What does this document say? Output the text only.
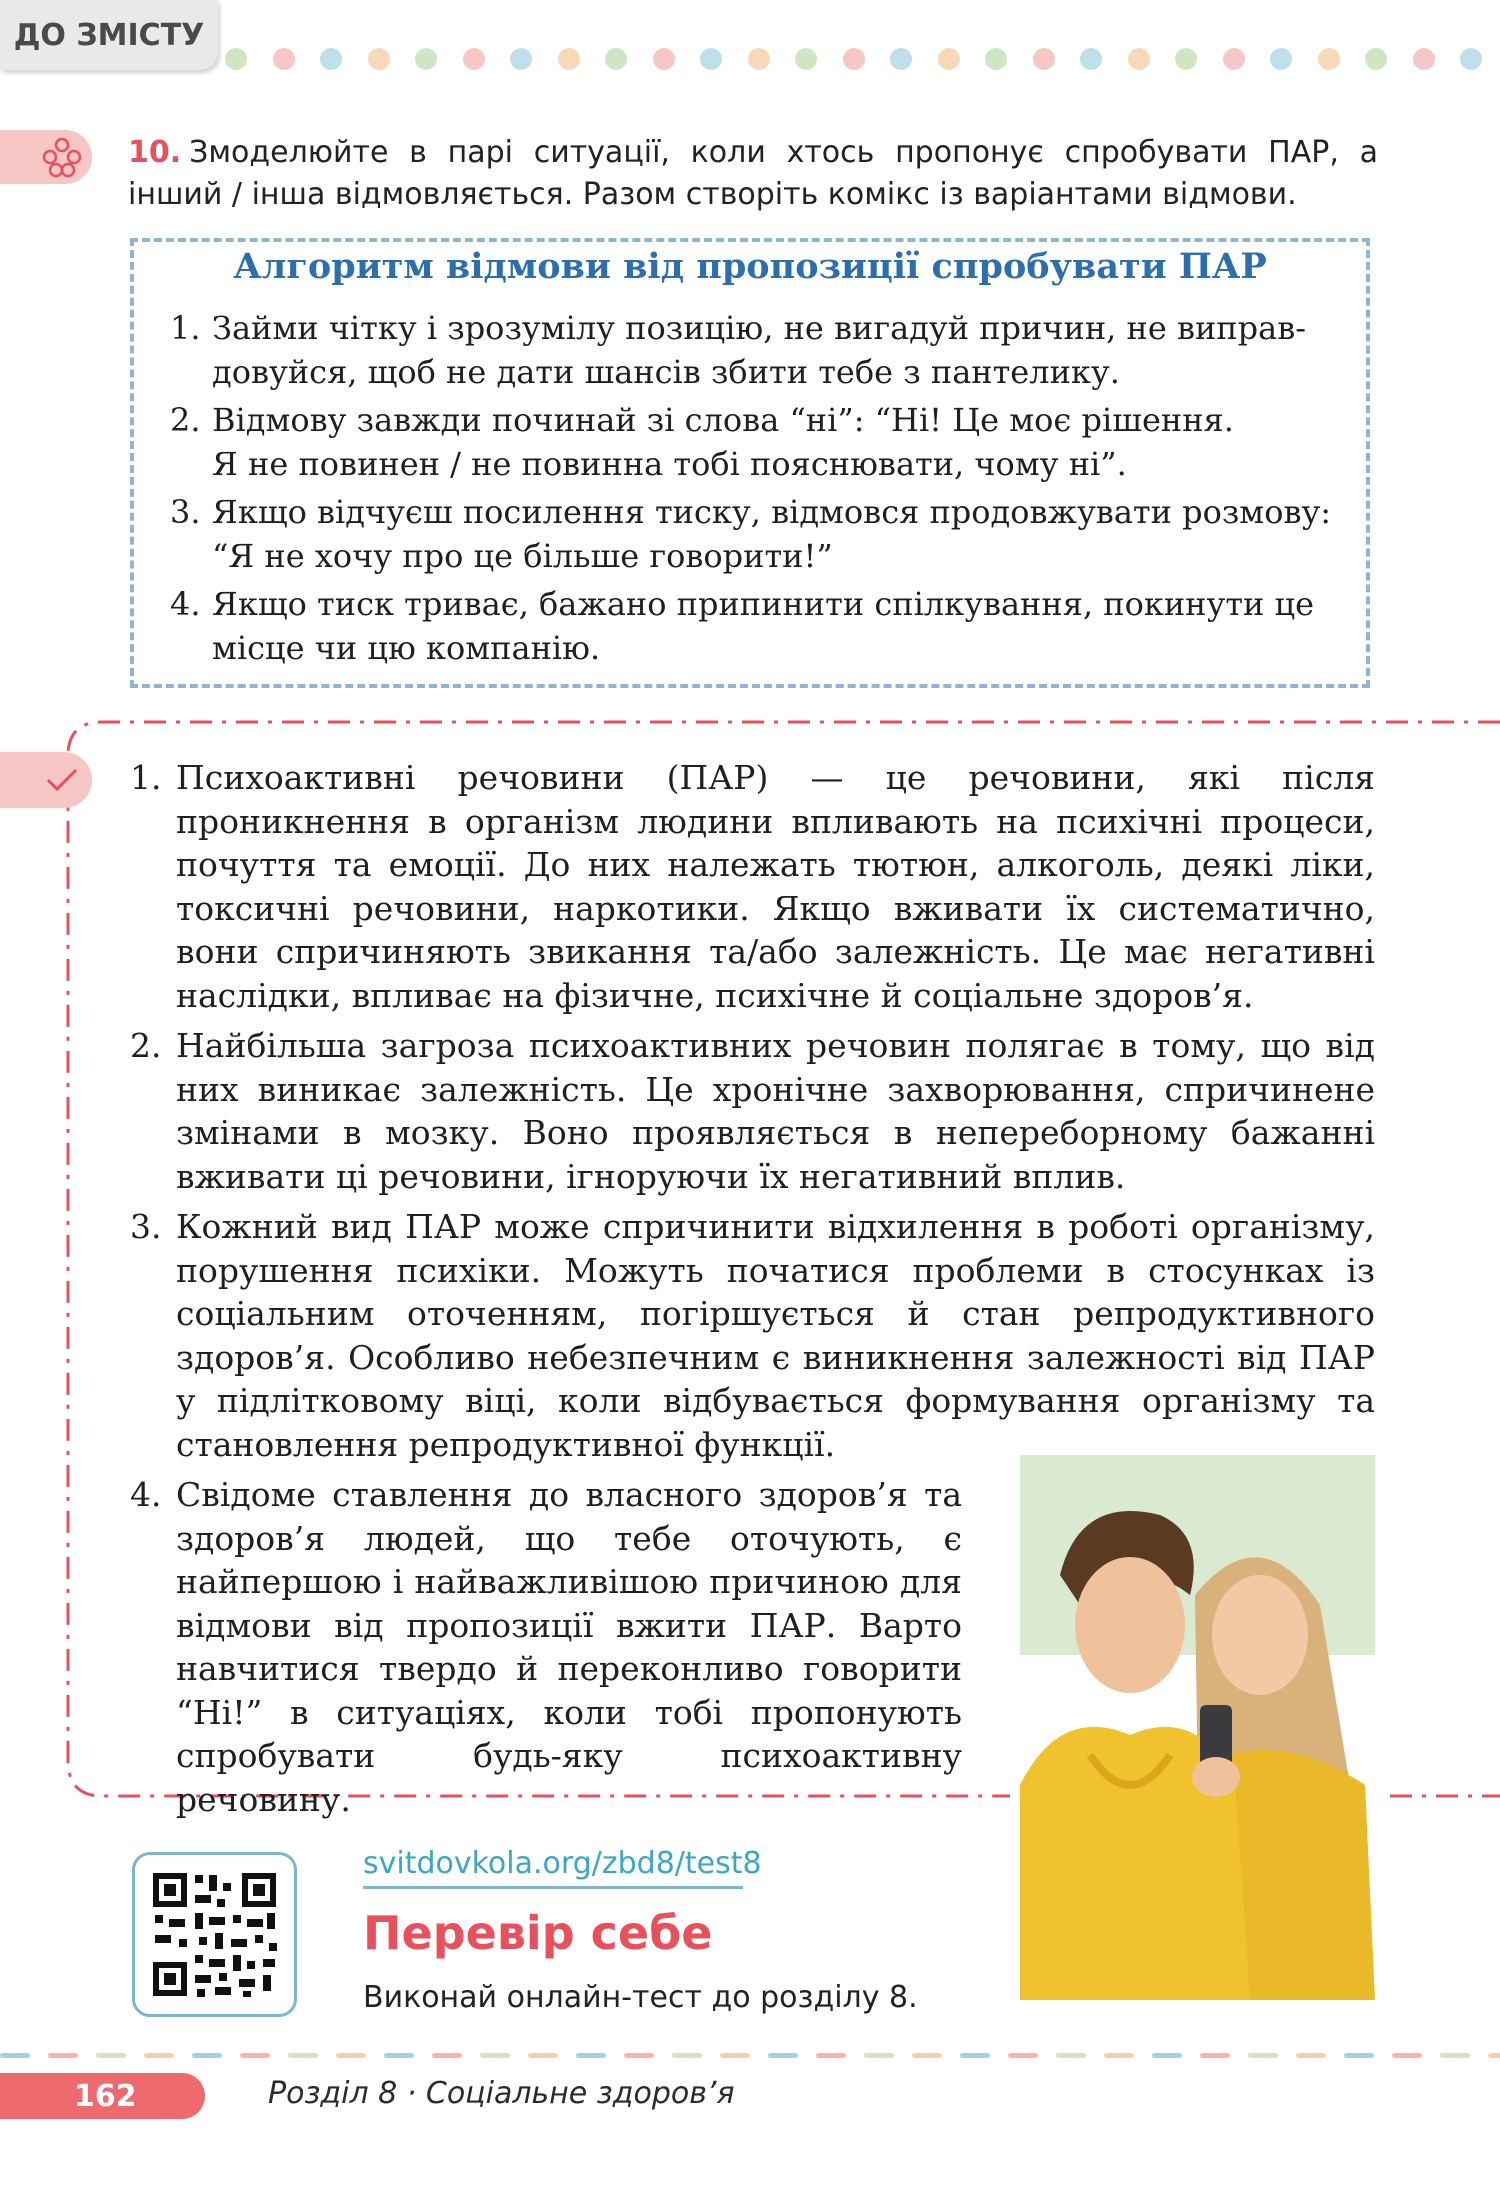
ДО ЗМІСТУ
10. Змоделюйте в парі ситуації, коли хтось пропонує спробувати ПАР, а інший / інша відмовляється. Разом створіть комікс із варіантами відмови.
Алгоритм відмови від пропозиції спробувати ПАР
1. Займи чітку і зрозумілу позицію, не вигадуй причин, не виправ-
довуйся, щоб не дати шансів збити тебе з пантелику.
2. Відмову завжди починай зі слова “ні”: “Ні! Це моє рішення.
Я не повинен / не повинна тобі пояснювати, чому ні”.
3. Якщо відчуєш посилення тиску, відмовся продовжувати розмову:
“Я не хочу про це більше говорити!”
4. Якщо тиск триває, бажано припинити спілкування, покинути це
місце чи цю компанію.
1. Психоактивні речовини (ПАР) — це речовини, які після проникнення в організм людини впливають на психічні процеси, почуття та емоції. До них належать тютюн, алкоголь, деякі ліки, токсичні речовини, наркотики. Якщо вживати їх систематично, вони спричиняють звикання та/або залежність. Це має негативні наслідки, впливає на фізичне, психічне й соціальне здоров’я.
2. Найбільша загроза психоактивних речовин полягає в тому, що від них виникає залежність. Це хронічне захворювання, спричинене змінами в мозку. Воно проявляється в непереборному бажанні вживати ці речовини, ігноруючи їх негативний вплив.
3. Кожний вид ПАР може спричинити відхилення в роботі організму, порушення психіки. Можуть початися проблеми в стосунках із соціальним оточенням, погіршується й стан репродуктивного здоров’я. Особливо небезпечним є виникнення залежності від ПАР у підлітковому віці, коли відбувається формування організму та становлення репродуктивної функції.
4. Свідоме ставлення до власного здоров’я та здоров’я людей, що тебе оточують, є найпершою і найважливішою причиною для відмови від пропозиції вжити ПАР. Варто навчитися твердо й переконливо говорити “Ні!” в ситуаціях, коли тобі пропонують спробувати будь-яку психоактивну речовину.
svitdovkola.org/zbd8/test8
Перевір себе
Виконай онлайн-тест до розділу 8.
162	Розділ 8 · Соціальне здоров’я
